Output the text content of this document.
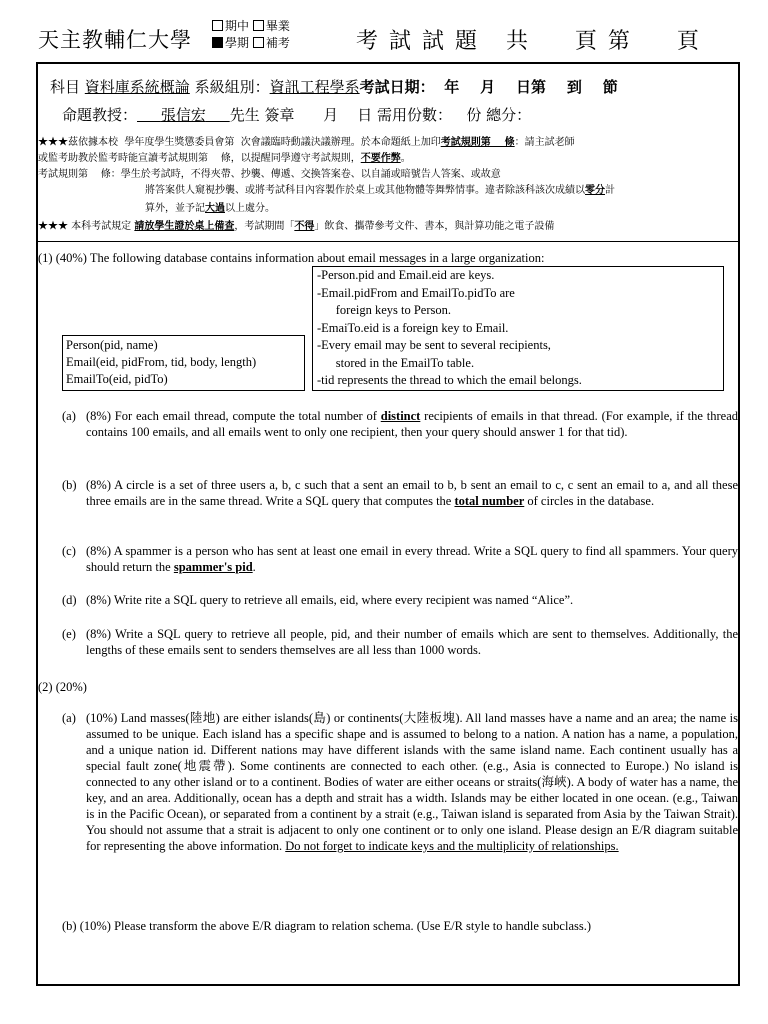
天主教輔仁大學
期中 畢業
學期 補考	考 試 試 題   共     頁 第     頁
科目 資料庫系統概論 系級組別：資訊工程學系考試日期： 年    月    日第    到    節
命題教授： 張信宏 先生 簽章 月    日 需用份數： 份 總分：
★★★茲依據本校  學年度學生獎懲委員會第  次會議臨時動議決議辦理。於本命題紙上加印考試規則第    條：請主試老師
或監考助教於監考時能宣讀考試規則第    條，以提醒同學遵守考試規則，不要作弊。
考試規則第    條：學生於考試時，不得夾帶、抄襲、傳遞、交換答案卷、以自誦或暗號告人答案、或故意
將答案供人窺視抄襲、或將考試科目內容製作於桌上或其他物體等舞弊情事。違者除該科該次成績以零分計
算外，並予記大過以上處分。
★★★ 本科考試規定 請放學生證於桌上備查，考試期間「不得」飲食、攜帶參考文件、書本，與計算功能之電子設備
(1) (40%) The following database contains information about email messages in a large organization:
Person(pid, name)
Email(eid, pidFrom, tid, body, length)
EmailTo(eid, pidTo)
-Person.pid and Email.eid are keys.
-Email.pidFrom and EmailTo.pidTo are
foreign keys to Person.
-EmaiTo.eid is a foreign key to Email.
-Every email may be sent to several recipients,
stored in the EmailTo table.
-tid represents the thread to which the email belongs.
(a) (8%) For each email thread, compute the total number of distinct recipients of emails in that thread. (For example, if the thread contains 100 emails, and all emails went to only one recipient, then your query should answer 1 for that tid).
(b) (8%) A circle is a set of three users a, b, c such that a sent an email to b, b sent an email to c, c sent an email to a, and all these three emails are in the same thread. Write a SQL query that computes the total number of circles in the database.
(c) (8%) A spammer is a person who has sent at least one email in every thread. Write a SQL query to find all spammers. Your query should return the spammer's pid.
(d) (8%) Write rite a SQL query to retrieve all emails, eid, where every recipient was named “Alice”.
(e) (8%) Write a SQL query to retrieve all people, pid, and their number of emails which are sent to themselves. Additionally, the lengths of these emails sent to senders themselves are all less than 1000 words.
(2) (20%)
(a) (10%) Land masses(陸地) are either islands(島) or continents(大陸板塊). All land masses have a name and an area; the name is assumed to be unique. Each island has a specific shape and is assumed to belong to a nation. A nation has a name, a population, and a unique nation id. Different nations may have different islands with the same island name. Each continent usually has a special fault zone(地震帶). Some continents are connected to each other. (e.g., Asia is connected to Europe.) No island is connected to any other island or to a continent. Bodies of water are either oceans or straits(海峽). A body of water has a name, the key, and an area. Additionally, ocean has a depth and strait has a width. Islands may be either located in one ocean. (e.g., Taiwan is in the Pacific Ocean), or separated from a continent by a strait (e.g., Taiwan island is separated from Asia by the Taiwan Strait). You should not assume that a strait is adjacent to only one continent or to only one island. Please design an E/R diagram suitable for representing the above information. Do not forget to indicate keys and the multiplicity of relationships.
(b) (10%) Please transform the above E/R diagram to relation schema. (Use E/R style to handle subclass.)
